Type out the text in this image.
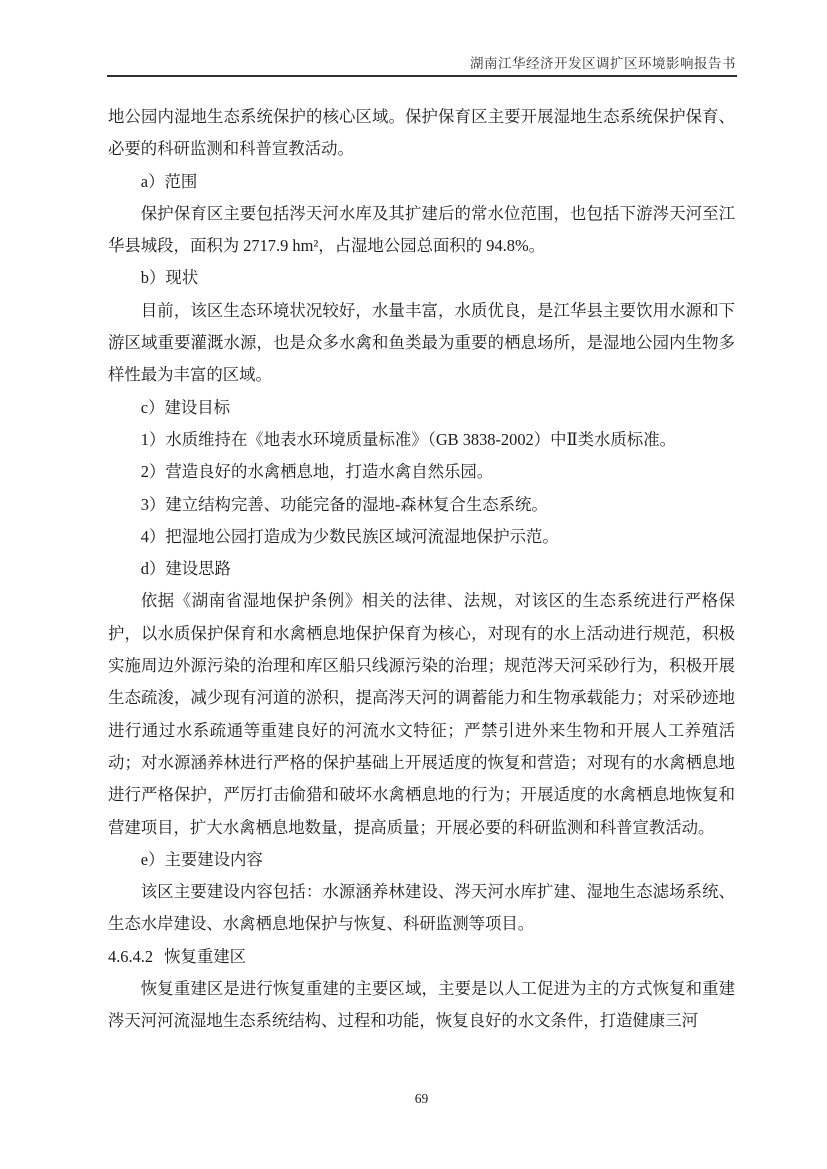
湖南江华经济开发区调扩区环境影响报告书

地公园内湿地生态系统保护的核心区域。保护保育区主要开展湿地生态系统保护保育、必要的科研监测和科普宣教活动。

a）范围

保护保育区主要包括涔天河水库及其扩建后的常水位范围，也包括下游涔天河至江华县城段，面积为 2717.9 hm²，占湿地公园总面积的 94.8%。

b）现状

目前，该区生态环境状况较好，水量丰富，水质优良，是江华县主要饮用水源和下游区域重要灌溉水源，也是众多水禽和鱼类最为重要的栖息场所，是湿地公园内生物多样性最为丰富的区域。

c）建设目标

1）水质维持在《地表水环境质量标准》（GB 3838-2002）中Ⅱ类水质标准。

2）营造良好的水禽栖息地，打造水禽自然乐园。

3）建立结构完善、功能完备的湿地-森林复合生态系统。

4）把湿地公园打造成为少数民族区域河流湿地保护示范。

d）建设思路

依据《湖南省湿地保护条例》相关的法律、法规，对该区的生态系统进行严格保护，以水质保护保育和水禽栖息地保护保育为核心，对现有的水上活动进行规范，积极实施周边外源污染的治理和库区船只线源污染的治理；规范涔天河采砂行为，积极开展生态疏浚，减少现有河道的淤积，提高涔天河的调蓄能力和生物承载能力；对采砂迹地进行通过水系疏通等重建良好的河流水文特征；严禁引进外来生物和开展人工养殖活动；对水源涵养林进行严格的保护基础上开展适度的恢复和营造；对现有的水禽栖息地进行严格保护，严厉打击偷猎和破坏水禽栖息地的行为；开展适度的水禽栖息地恢复和营建项目，扩大水禽栖息地数量，提高质量；开展必要的科研监测和科普宣教活动。

e）主要建设内容

该区主要建设内容包括：水源涵养林建设、涔天河水库扩建、湿地生态滤场系统、生态水岸建设、水禽栖息地保护与恢复、科研监测等项目。

4.6.4.2 恢复重建区

恢复重建区是进行恢复重建的主要区域，主要是以人工促进为主的方式恢复和重建涔天河河流湿地生态系统结构、过程和功能，恢复良好的水文条件，打造健康三河

69
